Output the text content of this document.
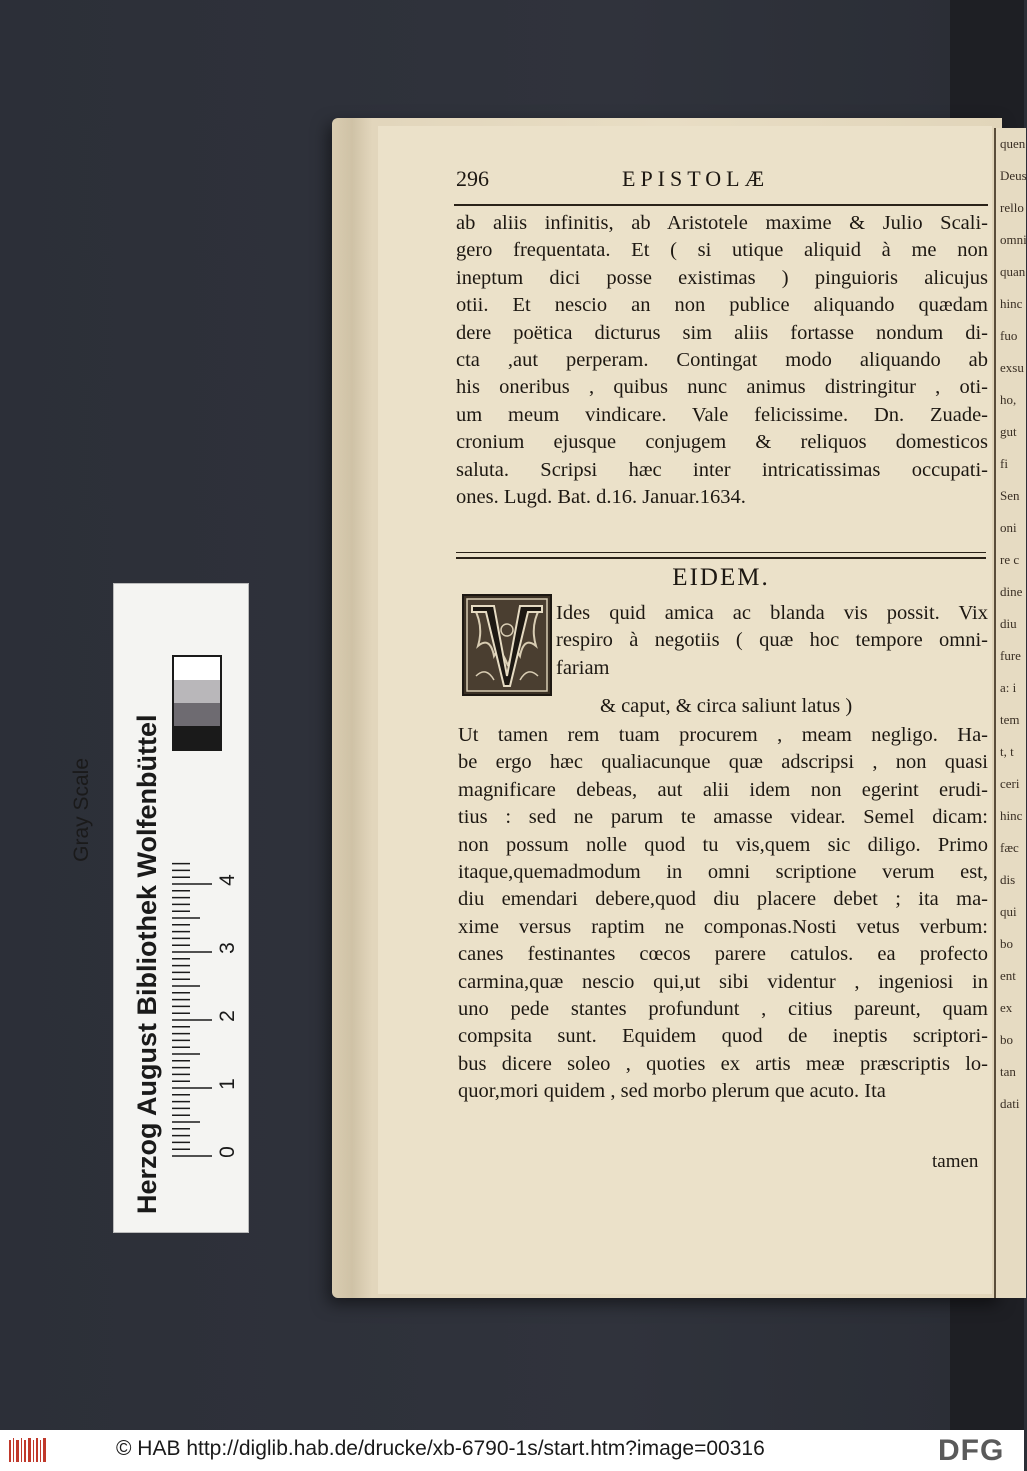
quen
Deus
rello
omni
quan
hinc
fuo
exsu
ho,
gut
fi
Sen
oni
re c
dine
diu
fure
a: i
tem
t, t
ceri
hinc
fæc
dis
qui
bo
ent
ex
bo
tan
dati
296	EPISTOLÆ
ab aliis infinitis, ab Aristotele maxime & Julio Scali-
gero frequentata. Et ( si utique aliquid à me non
ineptum dici posse existimas ) pinguioris alicujus
otii. Et nescio an non publice aliquando quædam
dere poëtica dicturus sim aliis fortasse nondum di-
cta ,aut perperam. Contingat modo aliquando ab
his oneribus , quibus nunc animus distringitur , oti-
um meum vindicare. Vale felicissime. Dn. Zuade-
cronium ejusque conjugem & reliquos domesticos
saluta. Scripsi hæc inter intricatissimas occupati-
ones. Lugd. Bat. d.16. Januar.1634.
EIDEM.
Ides quid amica ac blanda vis possit. Vix
respiro à negotiis ( quæ hoc tempore omni-
fariam
& caput, & circa saliunt latus )
Ut tamen rem tuam procurem , meam negligo. Ha-
be ergo hæc qualiacunque quæ adscripsi , non quasi
magnificare debeas, aut alii idem non egerint erudi-
tius : sed ne parum te amasse videar. Semel dicam:
non possum nolle quod tu vis,quem sic diligo. Primo
itaque,quemadmodum in omni scriptione verum est,
diu emendari debere,quod diu placere debet ; ita ma-
xime versus raptim ne componas.Nosti vetus verbum:
canes festinantes cœcos parere catulos. ea profecto
carmina,quæ nescio qui,ut sibi videntur , ingeniosi in
uno pede stantes profundunt , citius pareunt, quam
compsita sunt. Equidem quod de ineptis scriptori-
bus dicere soleo , quoties ex artis meæ præscriptis lo-
quor,mori quidem , sed morbo plerum que acuto. Ita
tamen
Herzog August Bibliothek Wolfenbüttel
Gray Scale
0
1
2
3
4
© HAB http://diglib.hab.de/drucke/xb-6790-1s/start.htm?image=00316	DFG
